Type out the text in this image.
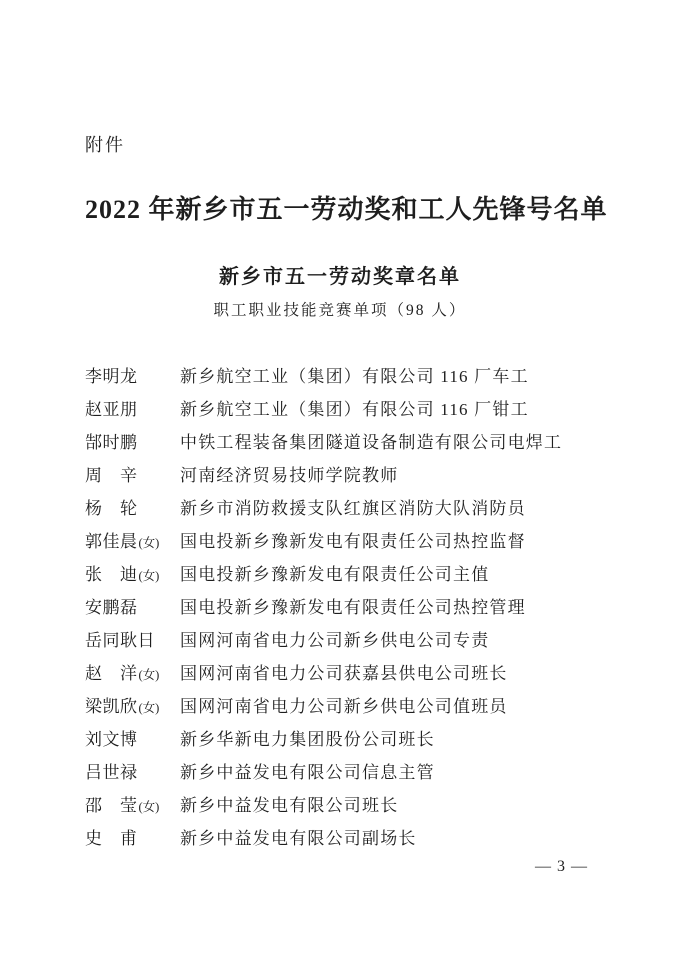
附件
2022 年新乡市五一劳动奖和工人先锋号名单
新乡市五一劳动奖章名单
职工职业技能竞赛单项（98 人）
李明龙	新乡航空工业（集团）有限公司 116 厂车工
赵亚朋	新乡航空工业（集团）有限公司 116 厂钳工
郜时鹏	中铁工程装备集团隧道设备制造有限公司电焊工
周　辛	河南经济贸易技师学院教师
杨　轮	新乡市消防救援支队红旗区消防大队消防员
郭佳晨 (女) 国电投新乡豫新发电有限责任公司热控监督
张　迪 (女) 国电投新乡豫新发电有限责任公司主值
安鹏磊	国电投新乡豫新发电有限责任公司热控管理
岳同耿日 国网河南省电力公司新乡供电公司专责
赵　洋 (女) 国网河南省电力公司获嘉县供电公司班长
梁凯欣 (女) 国网河南省电力公司新乡供电公司值班员
刘文博	新乡华新电力集团股份公司班长
吕世禄	新乡中益发电有限公司信息主管
邵　莹 (女) 新乡中益发电有限公司班长
史　甫	新乡中益发电有限公司副场长
— 3 —
